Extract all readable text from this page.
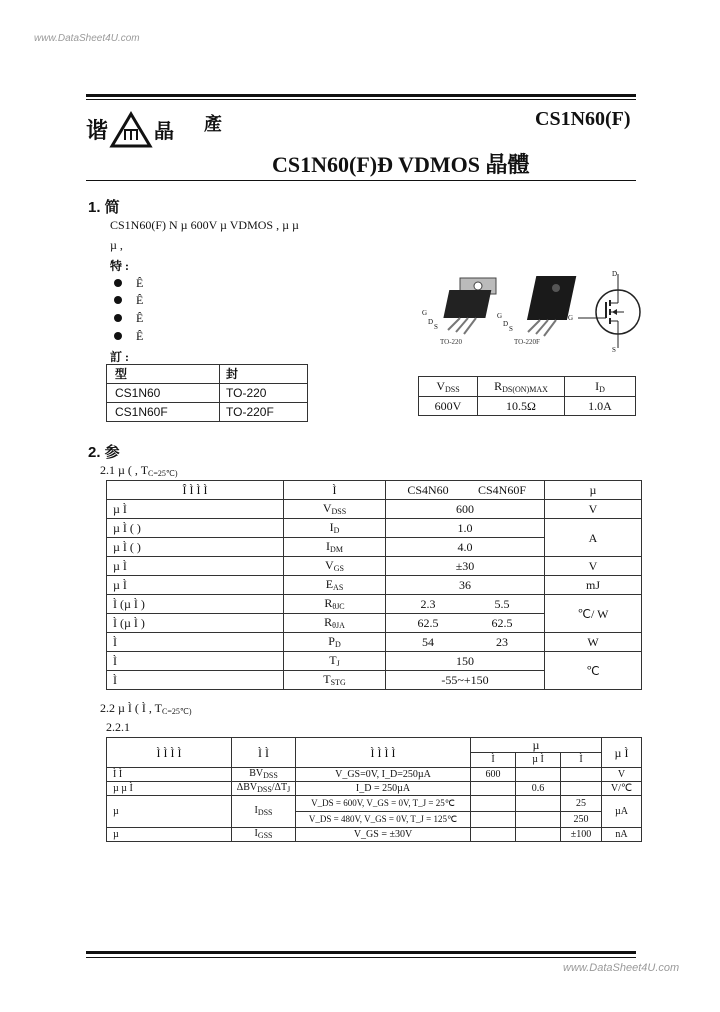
www.DataSheet4U.com
谐 晶 產	CS1N60(F)
CS1N60(F)Ð VDMOS 晶體
1. 简
CS1N60(F) N µ 600V µ VDMOS , µ µ
µ ,
特 :
Ê
Ê
Ê
Ê
訂 :
型	封
CS1N60	TO-220
CS1N60F	TO-220F
G
D
S
G
D
S
G
D
S
TO-220	TO-220F
$V_{DSS}$	$R_{DS(ON)MAX}$	$I_D$
600V	10.5Ω	1.0A
2. 参
2.1 µ ( , $T_{C=25℃)}$
Î Ì Ì Ì	Ì	CS4N60 CS4N60F	µ
µ Ì	$V_{DSS}$	600	V
µ Ì ( )	$I_D$	1.0	A
µ Ì ( )	$I_{DM}$	4.0	
µ Ì	$V_{GS}$	±30	V
µ Ì	$E_{AS}$	36	mJ
Ì (µ Ì )	$R_{\theta JC}$	2.3 5.5	℃/ W
Ì (µ Ì )	$R_{\theta JA}$	62.5 62.5	
Ì	$P_D$	54 23	W
Ì	$T_J$	150	℃
Ì	$T_{STG}$	-55~+150	
2.2 µ Ì ( Ì , $T_{C=25℃)}$
2.2.1
Ì Ì Ì Ì	Ì Ì	Ì Ì Ì Ì	µ			µ Ì
			Ì	µ Ì	Ì	
Ì Ì	$BV_{DSS}$	V_GS=0V, I_D=250µA	600			V
µ µ Ì	$\Delta BV_{DSS}/\Delta T_J$	I_D = 250µA		0.6		V/℃
µ	$I_{DSS}$	V_DS = 600V, V_GS = 0V, T_J = 25℃			25	µA
		V_DS = 480V, V_GS = 0V, T_J = 125℃			250	
µ	$I_{GSS}$	V_GS = ±30V			±100	nA
www.DataSheet4U.com
